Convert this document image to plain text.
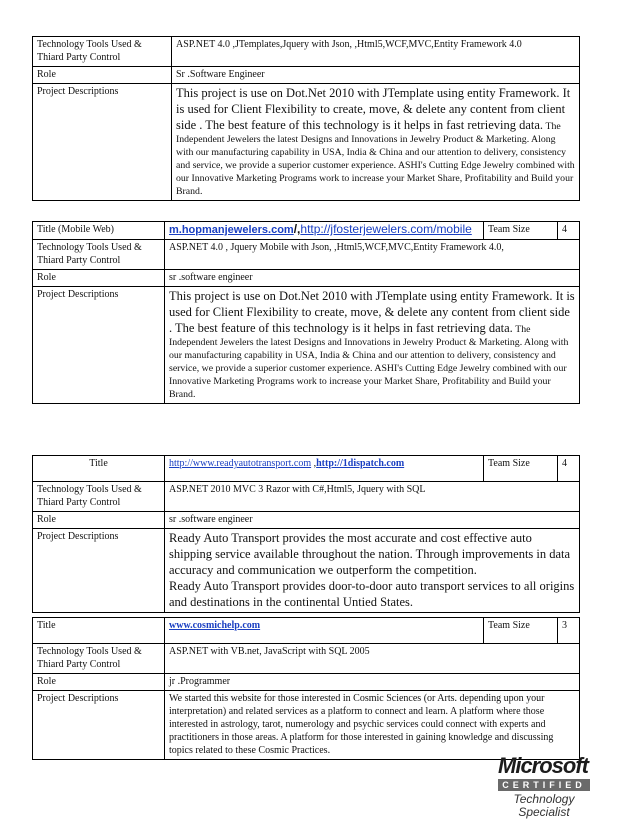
Technology Tools Used & Thiard Party Control	ASP.NET 4.0 ,JTemplates,Jquery with Json, ,Html5,WCF,MVC,Entity Framework 4.0
Role	Sr .Software Engineer
Project Descriptions	This project is use on Dot.Net 2010 with JTemplate using entity Framework. It is used for Client Flexibility to create, move, & delete any content from client side . The best feature of this technology is it helps in fast retrieving data. The Independent Jewelers the latest Designs and Innovations in Jewelry Product & Marketing. Along with our manufacturing capability in USA, India & China and our attention to delivery, consistency and service, we provide a superior customer experience. ASHI's Cutting Edge Jewelry combined with our Innovative Marketing Programs work to increase your Market Share, Profitability and Build your Brand.
Title (Mobile Web)	m.hopmanjewelers.com/,http://jfosterjewelers.com/mobile	Team Size	4
Technology Tools Used & Thiard Party Control	ASP.NET 4.0 , Jquery Mobile with Json, ,Html5,WCF,MVC,Entity Framework 4.0,		
Role	sr .software engineer		
Project Descriptions	This project is use on Dot.Net 2010 with JTemplate using entity Framework. It is used for Client Flexibility to create, move, & delete any content from client side . The best feature of this technology is it helps in fast retrieving data. The Independent Jewelers the latest Designs and Innovations in Jewelry Product & Marketing. Along with our manufacturing capability in USA, India & China and our attention to delivery, consistency and service, we provide a superior customer experience. ASHI's Cutting Edge Jewelry combined with our Innovative Marketing Programs work to increase your Market Share, Profitability and Build your Brand.		
Title	http://www.readyautotransport.com ,http://1dispatch.com	Team Size	4
Technology Tools Used & Thiard Party Control	ASP.NET 2010 MVC 3 Razor with C#,Html5, Jquery with SQL		
Role	sr .software engineer		
Project Descriptions	Ready Auto Transport provides the most accurate and cost effective auto shipping service available throughout the nation. Through improvements in data accuracy and communication we outperform the competition.
Ready Auto Transport provides door-to-door auto transport services to all origins and destinations in the continental Untied States.		
Title	www.cosmichelp.com	Team Size	3
Technology Tools Used & Thiard Party Control	ASP.NET with VB.net, JavaScript with SQL 2005		
Role	jr .Programmer		
Project Descriptions	We started this website for those interested in Cosmic Sciences (or Arts. depending upon your interpretation) and related services as a platform to connect and learn. A platform where those interested in astrology, tarot, numerology and psychic services could connect with experts and practitioners in those areas. A platform for those interested in gaining knowledge and discussing topics related to these Cosmic Practices.		
Microsoft
CERTIFIED
Technology
Specialist
